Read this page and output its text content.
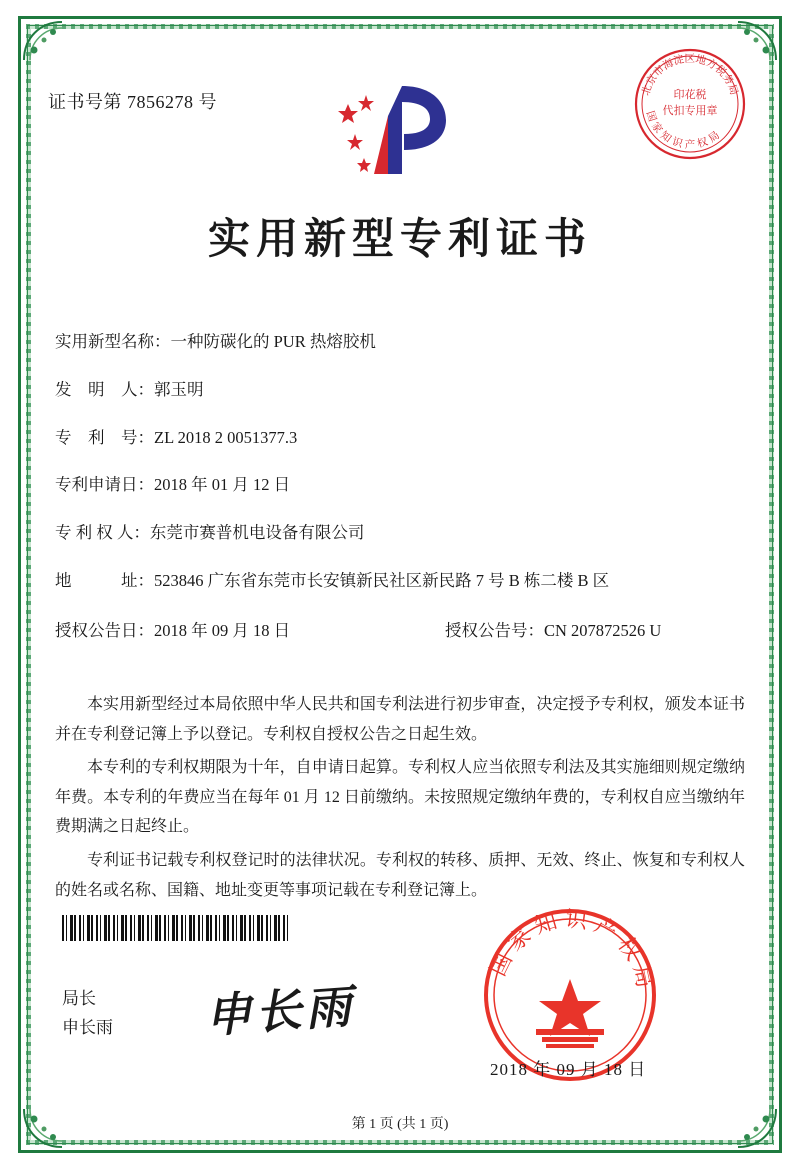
证书号第 7856278 号
北京市海淀区地方税务局
国 家 知 识 产 权 局
印花税
代扣专用章
实用新型专利证书
实用新型名称： 一种防碳化的 PUR 热熔胶机
发　明　人： 郭玉明
专　利　号： ZL 2018 2 0051377.3
专利申请日： 2018 年 01 月 12 日
专 利 权 人： 东莞市赛普机电设备有限公司
地　　　址： 523846 广东省东莞市长安镇新民社区新民路 7 号 B 栋二楼 B 区
授权公告日：2018 年 09 月 18 日	授权公告号：CN 207872526 U

本实用新型经过本局依照中华人民共和国专利法进行初步审查，决定授予专利权，颁发本证书并在专利登记簿上予以登记。专利权自授权公告之日起生效。

本专利的专利权期限为十年，自申请日起算。专利权人应当依照专利法及其实施细则规定缴纳年费。本专利的年费应当在每年 01 月 12 日前缴纳。未按照规定缴纳年费的，专利权自应当缴纳年费期满之日起终止。

专利证书记载专利权登记时的法律状况。专利权的转移、质押、无效、终止、恢复和专利权人的姓名或名称、国籍、地址变更等事项记载在专利登记簿上。

局长
申长雨 申长雨
国家知识产权局
2018 年 09 月 18 日
第 1 页 (共 1 页)
